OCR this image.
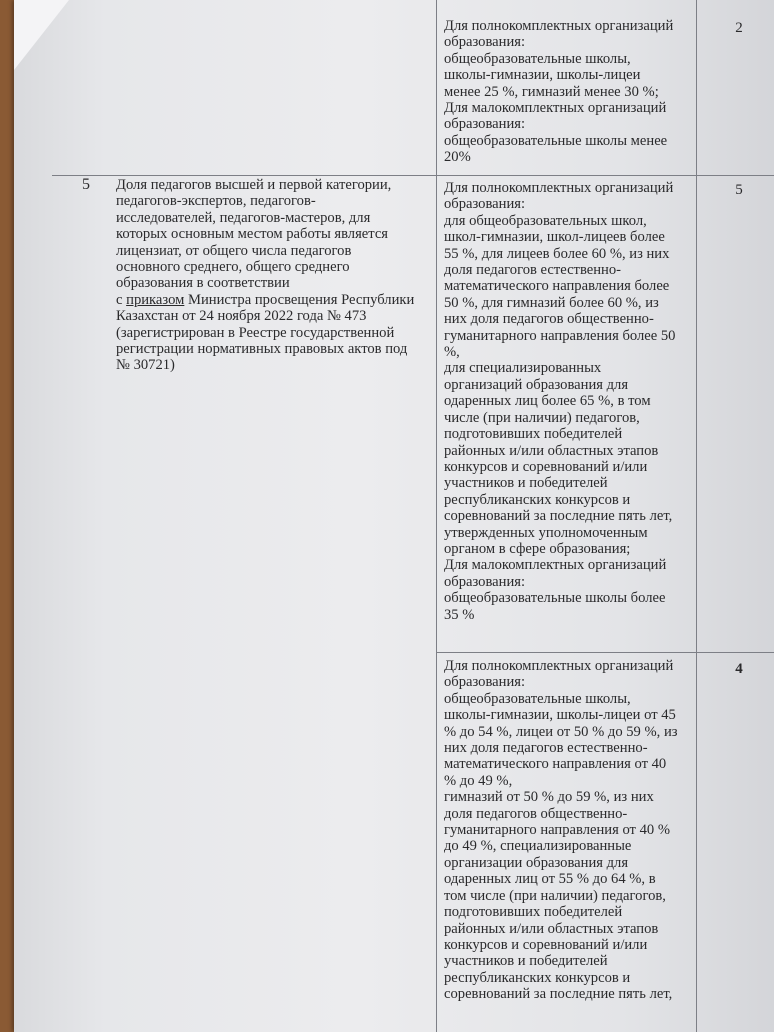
Для полнокомплектных организаций
образования:
общеобразовательные школы,
школы-гимназии, школы-лицеи
менее 25 %, гимназий менее 30 %;
Для малокомплектных организаций
образования:
общеобразовательные школы менее
20%
2
5	Доля педагогов высшей и первой категории,
педагогов-экспертов, педагогов-
исследователей, педагогов-мастеров, для
которых основным местом работы является
лицензиат, от общего числа педагогов
основного среднего, общего среднего
образования в соответствии
с приказом Министра просвещения Республики
Казахстан от 24 ноября 2022 года № 473
(зарегистрирован в Реестре государственной
регистрации нормативных правовых актов под
№ 30721)
Для полнокомплектных организаций
образования:
для общеобразовательных школ,
школ-гимназии, школ-лицеев более
55 %, для лицеев более 60 %, из них
доля педагогов естественно-
математического направления более
50 %, для гимназий более 60 %, из
них доля педагогов общественно-
гуманитарного направления более 50
%,
для специализированных
организаций образования для
одаренных лиц более 65 %, в том
числе (при наличии) педагогов,
подготовивших победителей
районных и/или областных этапов
конкурсов и соревнований и/или
участников и победителей
республиканских конкурсов и
соревнований за последние пять лет,
утвержденных уполномоченным
органом в сфере образования;
Для малокомплектных организаций
образования:
общеобразовательные школы более
35 %
5
Для полнокомплектных организаций
образования:
общеобразовательные школы,
школы-гимназии, школы-лицеи от 45
% до 54 %, лицеи от 50 % до 59 %, из
них доля педагогов естественно-
математического направления от 40
% до 49 %,
гимназий от 50 % до 59 %, из них
доля педагогов общественно-
гуманитарного направления от 40 %
до 49 %, специализированные
организации образования для
одаренных лиц от 55 % до 64 %, в
том числе (при наличии) педагогов,
подготовивших победителей
районных и/или областных этапов
конкурсов и соревнований и/или
участников и победителей
республиканских конкурсов и
соревнований за последние пять лет,
4
